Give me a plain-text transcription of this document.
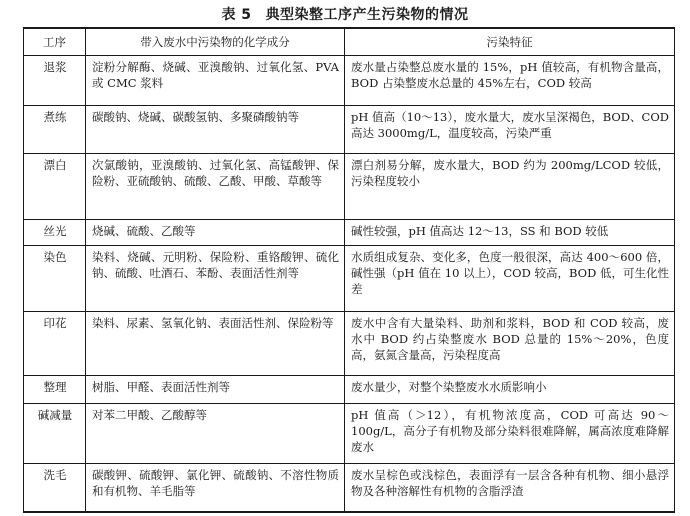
表 5 典型染整工序产生污染物的情况
工序	带入废水中污染物的化学成分	污染特征
退浆	淀粉分解酶、烧碱、亚溴酸钠、过氧化氢、PVA 或 CMC 浆料	废水量占染整总废水量的 15%，pH 值较高，有机物含量高，BOD 占染整废水总量的 45%左右，COD 较高
煮练	碳酸钠、烧碱、碳酸氢钠、多聚磷酸钠等	pH 值高（10～13），废水量大，废水呈深褐色，BOD、COD 高达 3000mg/L，温度较高，污染严重
漂白	次氯酸钠，亚溴酸钠、过氧化氢、高锰酸钾、保险粉、亚硫酸钠、硫酸、乙酸、甲酸、草酸等	漂白剂易分解，废水量大，BOD 约为 200mg/LCOD 较低，污染程度较小
丝光	烧碱、硫酸、乙酸等	碱性较强，pH 值高达 12～13，SS 和 BOD 较低
染色	染料、烧碱、元明粉、保险粉、重铬酸钾、硫化钠、硫酸、吐酒石、苯酚、表面活性剂等	水质组成复杂、变化多，色度一般很深，高达 400～600 倍，碱性强（pH 值在 10 以上），COD 较高，BOD 低，可生化性差
印花	染料、尿素、氢氧化钠、表面活性剂、保险粉等	废水中含有大量染料、助剂和浆料，BOD 和 COD 较高，废水中 BOD 约占染整废水 BOD 总量的 15%～20%，色度高，氨氮含量高，污染程度高
整理	树脂、甲醛、表面活性剂等	废水量少，对整个染整废水水质影响小
碱减量	对苯二甲酸、乙酸醇等	pH 值高（＞12），有机物浓度高，COD 可高达 90～100g/L，高分子有机物及部分染料很难降解，属高浓度难降解废水
洗毛	碳酸钾、硫酸钾、氯化钾、硫酸钠、不溶性物质和有机物、羊毛脂等	废水呈棕色或浅棕色，表面浮有一层含各种有机物、细小悬浮物及各种溶解性有机物的含脂浮渣
